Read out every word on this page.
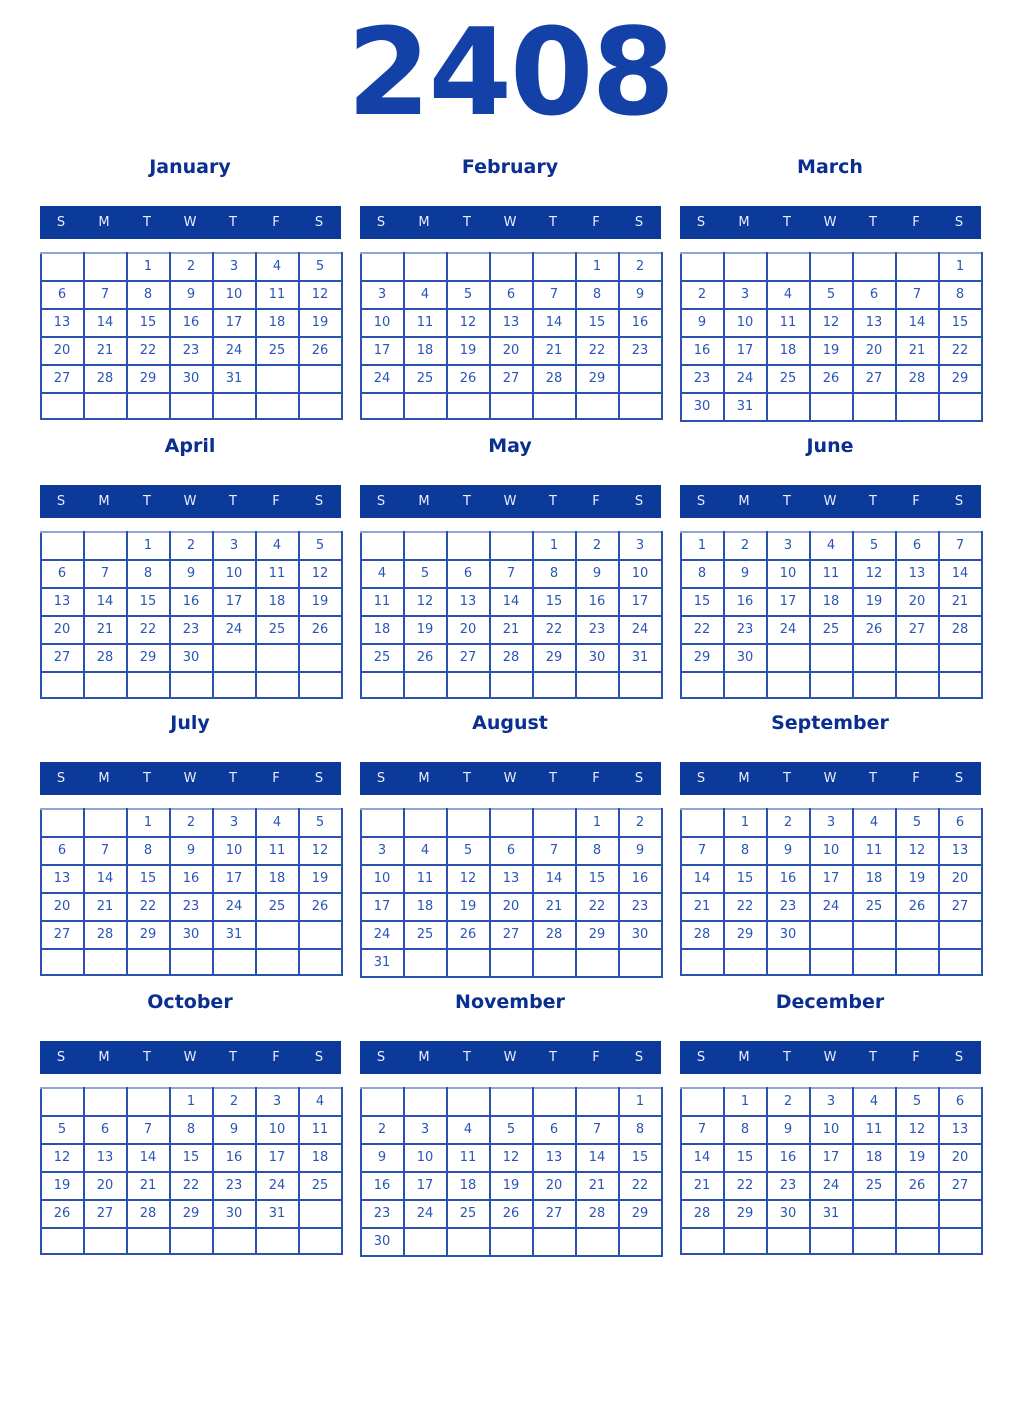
2408
January
S	M	T	W	T	F	S
		1	2	3	4	5
6	7	8	9	10	11	12
13	14	15	16	17	18	19
20	21	22	23	24	25	26
27	28	29	30	31		

February
S	M	T	W	T	F	S
					1	2
3	4	5	6	7	8	9
10	11	12	13	14	15	16
17	18	19	20	21	22	23
24	25	26	27	28	29	

March
S	M	T	W	T	F	S
						1
2	3	4	5	6	7	8
9	10	11	12	13	14	15
16	17	18	19	20	21	22
23	24	25	26	27	28	29
30	31					
April
S	M	T	W	T	F	S
		1	2	3	4	5
6	7	8	9	10	11	12
13	14	15	16	17	18	19
20	21	22	23	24	25	26
27	28	29	30			

May
S	M	T	W	T	F	S
				1	2	3
4	5	6	7	8	9	10
11	12	13	14	15	16	17
18	19	20	21	22	23	24
25	26	27	28	29	30	31

June
S	M	T	W	T	F	S
1	2	3	4	5	6	7
8	9	10	11	12	13	14
15	16	17	18	19	20	21
22	23	24	25	26	27	28
29	30					

July
S	M	T	W	T	F	S
		1	2	3	4	5
6	7	8	9	10	11	12
13	14	15	16	17	18	19
20	21	22	23	24	25	26
27	28	29	30	31		

August
S	M	T	W	T	F	S
					1	2
3	4	5	6	7	8	9
10	11	12	13	14	15	16
17	18	19	20	21	22	23
24	25	26	27	28	29	30
31						
September
S	M	T	W	T	F	S
	1	2	3	4	5	6
7	8	9	10	11	12	13
14	15	16	17	18	19	20
21	22	23	24	25	26	27
28	29	30				

October
S	M	T	W	T	F	S
			1	2	3	4
5	6	7	8	9	10	11
12	13	14	15	16	17	18
19	20	21	22	23	24	25
26	27	28	29	30	31	

November
S	M	T	W	T	F	S
						1
2	3	4	5	6	7	8
9	10	11	12	13	14	15
16	17	18	19	20	21	22
23	24	25	26	27	28	29
30						
December
S	M	T	W	T	F	S
	1	2	3	4	5	6
7	8	9	10	11	12	13
14	15	16	17	18	19	20
21	22	23	24	25	26	27
28	29	30	31			
